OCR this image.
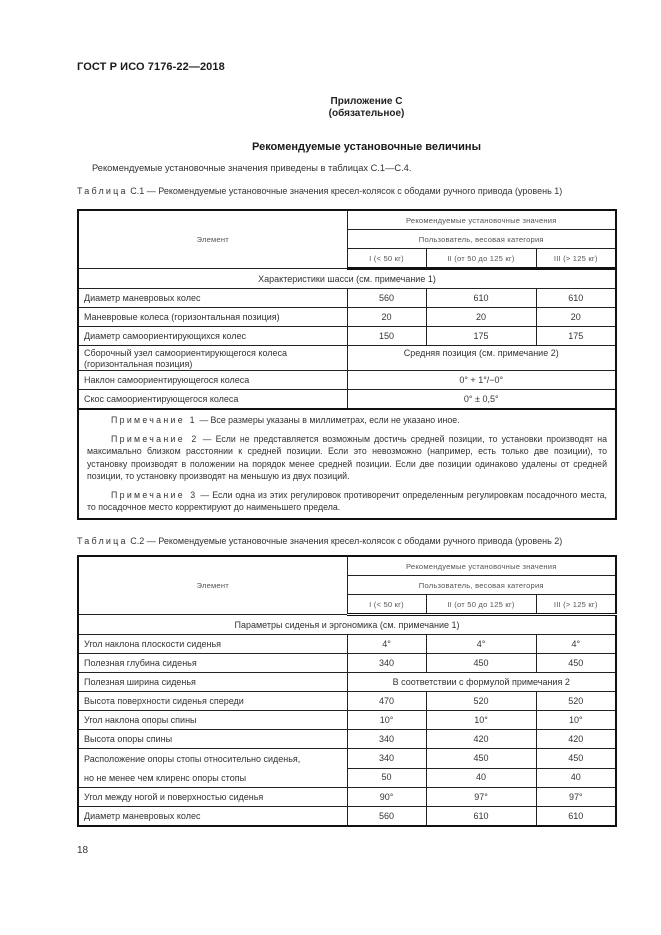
ГОСТ Р ИСО 7176-22—2018
Приложение С
(обязательное)
Рекомендуемые установочные величины
Рекомендуемые установочные значения приведены в таблицах С.1—С.4.
Таблица С.1 — Рекомендуемые установочные значения кресел-колясок с ободами ручного привода (уровень 1)
Элемент	Рекомендуемые установочные значения		
	Пользователь, весовая категория		
	I (< 50 кг)	II (от 50 до 125 кг)	III (> 125 кг)
Характеристики шасси (см. примечание 1)			
Диаметр маневровых колес	560	610	610
Маневровые колеса (горизонтальная позиция)	20	20	20
Диаметр самоориентирующихся колес	150	175	175
Сборочный узел самоориентирующегося колеса (горизонтальная позиция)	Средняя позиция (см. примечание 2)		
Наклон самоориентирующегося колеса	0° + 1°/−0°		
Скос самоориентирующегося колеса	0° ± 0,5°		

Примечание 1 — Все размеры указаны в миллиметрах, если не указано иное.

Примечание 2 — Если не представляется возможным достичь средней позиции, то установки производят на максимально близком расстоянии к средней позиции. Если это невозможно (например, есть только две позиции), то установку производят в положении на порядок менее средней позиции. Если две позиции одинаково удалены от средней позиции, то установку производят на меньшую из двух позиций.

Примечание 3 — Если одна из этих регулировок противоречит определенным регулировкам посадочного места, то посадочное место корректируют до наименьшего предела.			

Таблица С.2 — Рекомендуемые установочные значения кресел-колясок с ободами ручного привода (уровень 2)
Элемент	Рекомендуемые установочные значения		
	Пользователь, весовая категория		
	I (< 50 кг)	II (от 50 до 125 кг)	III (> 125 кг)
Параметры сиденья и эргономика (см. примечание 1)			
Угол наклона плоскости сиденья	4°	4°	4°
Полезная глубина сиденья	340	450	450
Полезная ширина сиденья	В соответствии с формулой примечания 2		
Высота поверхности сиденья спереди	470	520	520
Угол наклона опоры спины	10°	10°	10°
Высота опоры спины	340	420	420

Расположение опоры стопы относительно сиденья,
но не менее чем клиренс опоры стопы	340	450	450
	50	40	40
Угол между ногой и поверхностью сиденья	90°	97°	97°
Диаметр маневровых колес	560	610	610
18
